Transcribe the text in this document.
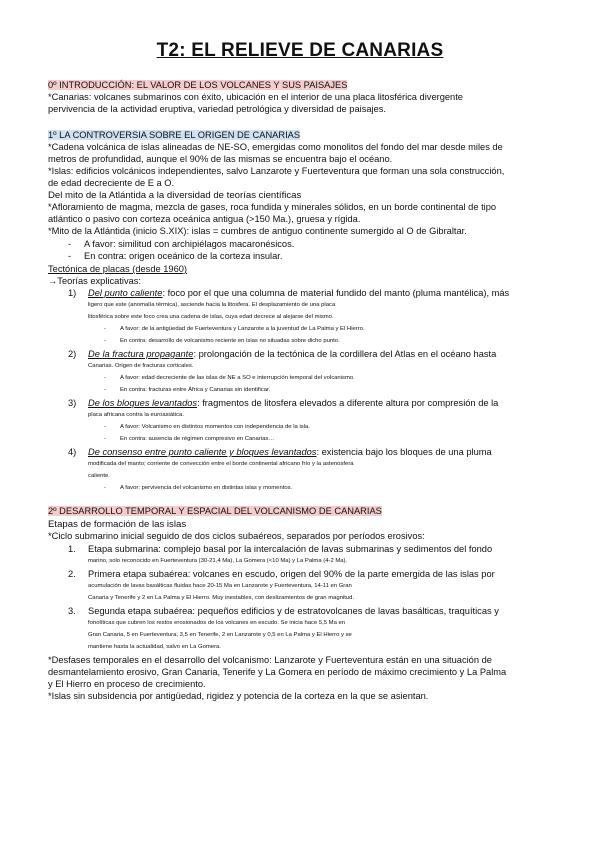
T2: EL RELIEVE DE CANARIAS
0º INTRODUCCIÓN: EL VALOR DE LOS VOLCANES Y SUS PAISAJES
*Canarias: volcanes submarinos con éxito, ubicación en el interior de una placa litosférica divergente
pervivencia de la actividad eruptiva, variedad petrológica y diversidad de paisajes.
1º LA CONTROVERSIA SOBRE EL ORIGEN DE CANARIAS
*Cadena volcánica de islas alineadas de NE-SO, emergidas como monolitos del fondo del mar desde miles de
metros de profundidad, aunque el 90% de las mismas se encuentra bajo el océano.
*Islas: edificios volcánicos independientes, salvo Lanzarote y Fuerteventura que forman una sola construcción,
de edad decreciente de E a O.
Del mito de la Atlántida a la diversidad de teorías científicas
*Afloramiento de magma, mezcla de gases, roca fundida y minerales sólidos, en un borde continental de tipo
atlántico o pasivo con corteza oceánica antigua (>150 Ma.), gruesa y rígida.
*Mito de la Atlántida (inicio S.XIX): islas = cumbres de antiguo continente sumergido al O de Gibraltar.
- A favor: similitud con archipiélagos macaronésicos.
- En contra: origen oceánico de la corteza insular.
Tectónica de placas (desde 1960)
→Teorías explicativas:
1) Del punto caliente: foco por el que una columna de material fundido del manto (pluma mantélica), más
ligero que este (anomalía térmica), asciende hacia la litosfera. El desplazamiento de una placa
litosférica sobre este foco crea una cadena de islas, cuya edad decrece al alejarse del mismo.
- A favor: de la antigüedad de Fuerteventura y Lanzarote a la juventud de La Palma y El Hierro.
- En contra: desarrollo de volcanismo reciente en islas no situadas sobre dicho punto.
2) De la fractura propagante: prolongación de la tectónica de la cordillera del Atlas en el océano hasta
Canarias. Origen de fracturas corticales.
- A favor: edad decreciente de las islas de NE a SO e interrupción temporal del volcanismo.
- En contra: fracturas entre África y Canarias sin identificar.
3) De los bloques levantados: fragmentos de litosfera elevados a diferente altura por compresión de la
placa africana contra la euroasiática.
- A favor: Volcanismo en distintos momentos con independencia de la isla.
- En contra: ausencia de régimen compresivo en Canarias…
4) De consenso entre punto caliente y bloques levantados: existencia bajo los bloques de una pluma
modificada del manto; corriente de convección entre el borde continental africano frío y la astenosfera
caliente.
- A favor: pervivencia del volcanismo en distintas islas y momentos.
2º DESARROLLO TEMPORAL Y ESPACIAL DEL VOLCANISMO DE CANARIAS
Etapas de formación de las islas
*Ciclo submarino inicial seguido de dos ciclos subaéreos, separados por períodos erosivos:
1. Etapa submarina: complejo basal por la intercalación de lavas submarinas y sedimentos del fondo
marino, solo reconocido en Fuerteventura (30-21,4 Ma), La Gomera (<10 Ma) y La Palma (4-2 Ma).
2. Primera etapa subaérea: volcanes en escudo, origen del 90% de la parte emergida de las islas por
acumulación de lavas basálticas fluidas hace 20-15 Ma en Lanzarote y Fuerteventura, 14-11 en Gran
Canaria y Tenerife y 2 en La Palma y El Hierro. Muy inestables, con deslizamientos de gran magnitud.
3. Segunda etapa subaérea: pequeños edificios y de estratovolcanes de lavas basálticas, traquíticas y
fonolíticas que cubren los restos erosionados de los volcanes en escudo. Se inicia hace 5,5 Ma en
Gran Canaria, 5 en Fuerteventura, 3,5 en Tenerife, 2 en Lanzarote y 0,5 en La Palma y El Hierro y se
mantiene hasta la actualidad, salvo en La Gomera.
*Desfases temporales en el desarrollo del volcanismo: Lanzarote y Fuerteventura están en una situación de
desmantelamiento erosivo, Gran Canaria, Tenerife y La Gomera en período de máximo crecimiento y La Palma
y El Hierro en proceso de crecimiento.
*Islas sin subsidencia por antigüedad, rigidez y potencia de la corteza en la que se asientan.
